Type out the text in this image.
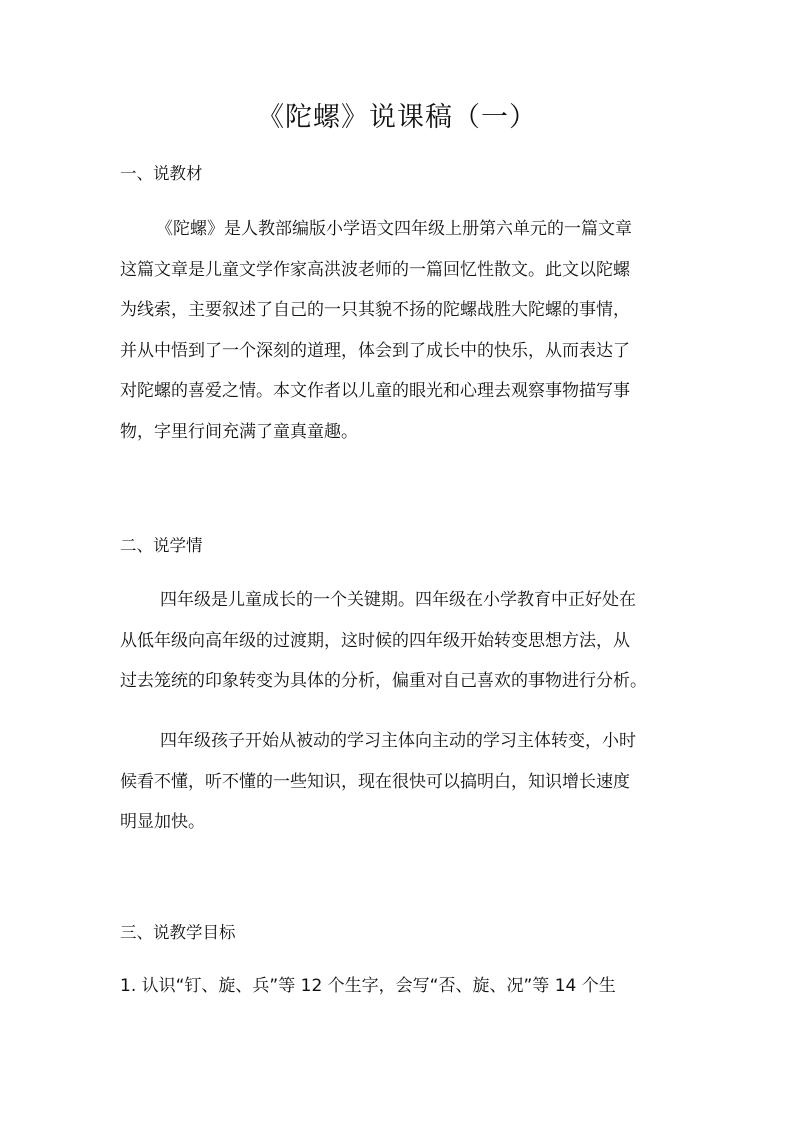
《陀螺》说课稿（一）
一、说教材
《陀螺》是人教部编版小学语文四年级上册第六单元的一篇文章
这篇文章是儿童文学作家高洪波老师的一篇回忆性散文。此文以陀螺
为线索，主要叙述了自己的一只其貌不扬的陀螺战胜大陀螺的事情，
并从中悟到了一个深刻的道理，体会到了成长中的快乐，从而表达了
对陀螺的喜爱之情。本文作者以儿童的眼光和心理去观察事物描写事
物，字里行间充满了童真童趣。
二、说学情
四年级是儿童成长的一个关键期。四年级在小学教育中正好处在
从低年级向高年级的过渡期，这时候的四年级开始转变思想方法，从
过去笼统的印象转变为具体的分析，偏重对自己喜欢的事物进行分析。
四年级孩子开始从被动的学习主体向主动的学习主体转变，小时
候看不懂，听不懂的一些知识，现在很快可以搞明白，知识增长速度
明显加快。
三、说教学目标
1. 认识“钉、旋、兵”等 12 个生字，会写“否、旋、况”等 14 个生
